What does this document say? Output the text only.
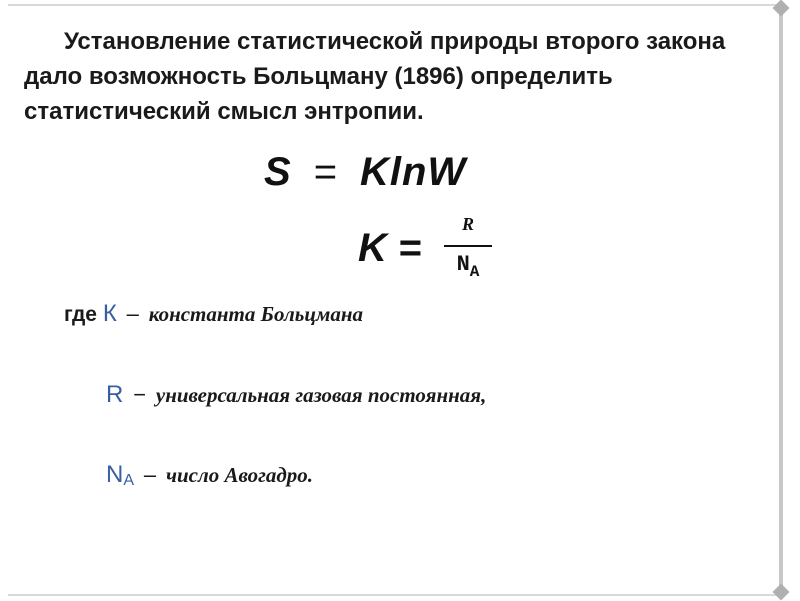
Установление статистической природы второго закона дало возможность Больцману (1896) определить статистический смысл энтропии.

S = KlnW
K =
R
$N_A$
где К – константа Больцмана
R − универсальная газовая постоянная,
$N_A$ – число Авогадро.
